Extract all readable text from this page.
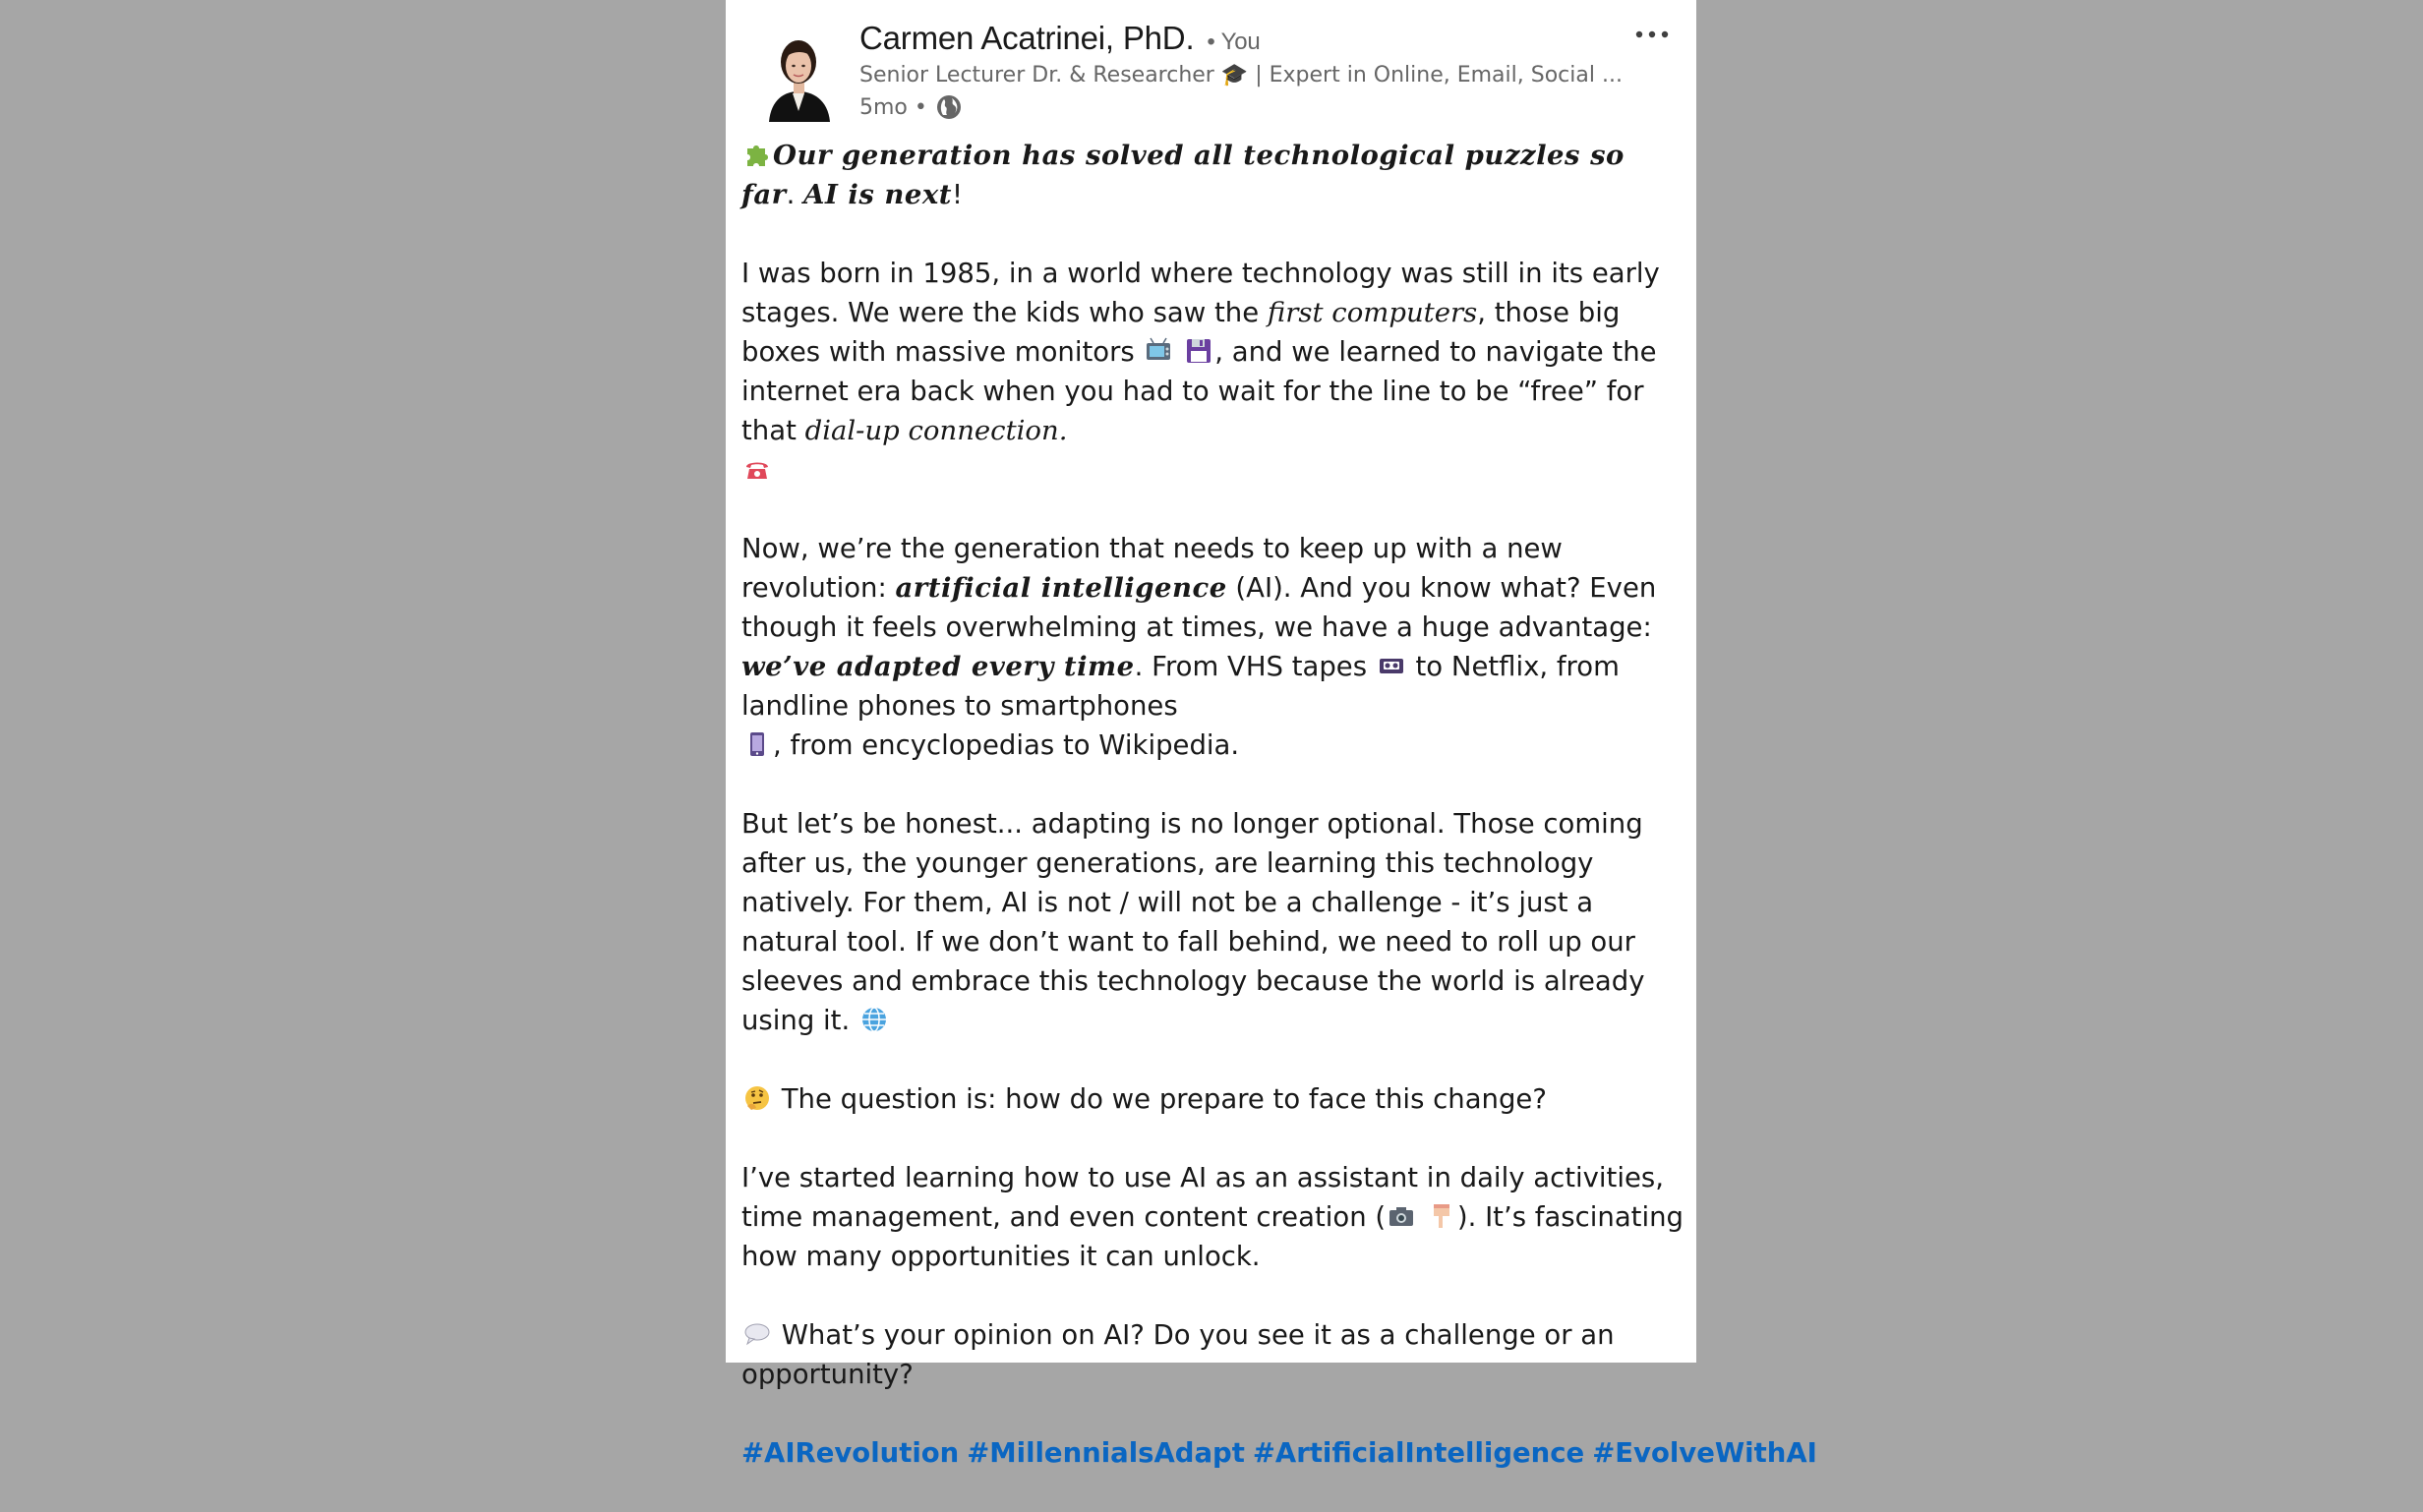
Carmen Acatrinei, PhD. • You
Senior Lecturer Dr. & Researcher 🎓 | Expert in Online, Email, Social ...
5mo •

Our generation has solved all technological puzzles so far. AI is next!

I was born in 1985, in a world where technology was still in its early stages. We were the kids who saw the first computers, those big boxes with massive monitors	, and we learned to navigate the internet era back when you had to wait for the line to be “free” for that dial-up connection.

Now, we’re the generation that needs to keep up with a new revolution: artificial intelligence (AI). And you know what? Even though it feels overwhelming at times, we have a huge advantage: we’ve adapted every time. From VHS tapes  to Netflix, from landline phones to smartphones
, from encyclopedias to Wikipedia.

But let’s be honest... adapting is no longer optional. Those coming after us, the younger generations, are learning this technology natively. For them, AI is not / will not be a challenge - it’s just a natural tool. If we don’t want to fall behind, we need to roll up our sleeves and embrace this technology because the world is already using it.

The question is: how do we prepare to face this change?

I’ve started learning how to use AI as an assistant in daily activities, time management, and even content creation (	). It’s fascinating how many opportunities it can unlock.

What’s your opinion on AI? Do you see it as a challenge or an opportunity?

#AIRevolution #MillennialsAdapt #ArtificialIntelligence #EvolveWithAI
